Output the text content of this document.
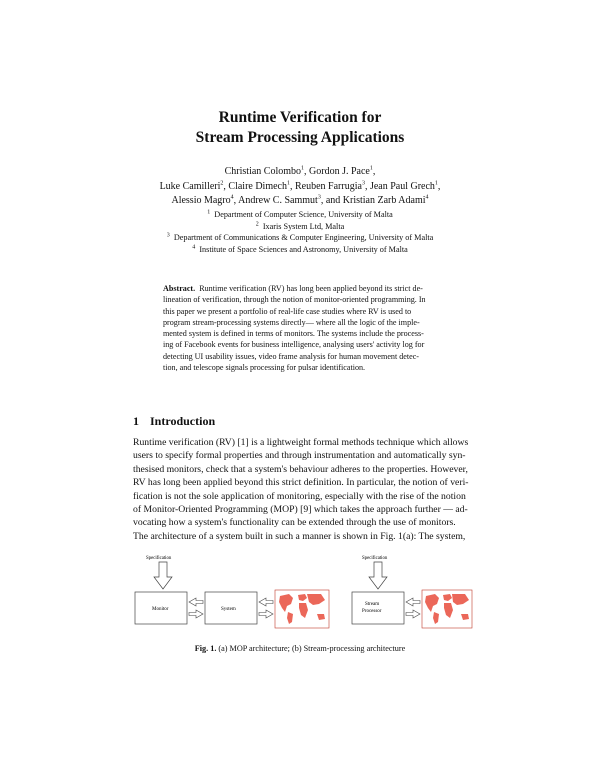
Runtime Verification for
Stream Processing Applications
Christian Colombo$^1$, Gordon J. Pace$^1$,
Luke Camilleri$^2$, Claire Dimech$^1$, Reuben Farrugia$^3$, Jean Paul Grech$^1$,
Alessio Magro$^4$, Andrew C. Sammut$^3$, and Kristian Zarb Adami$^4$
$^1$ Department of Computer Science, University of Malta
$^2$ Ixaris System Ltd, Malta
$^3$ Department of Communications & Computer Engineering, University of Malta
$^4$ Institute of Space Sciences and Astronomy, University of Malta
Abstract. Runtime verification (RV) has long been applied beyond its strict de-
lineation of verification, through the notion of monitor-oriented programming. In
this paper we present a portfolio of real-life case studies where RV is used to
program stream-processing systems directly— where all the logic of the imple-
mented system is defined in terms of monitors. The systems include the process-
ing of Facebook events for business intelligence, analysing users' activity log for
detecting UI usability issues, video frame analysis for human movement detec-
tion, and telescope signals processing for pulsar identification.
1 Introduction
Runtime verification (RV) [1] is a lightweight formal methods technique which allows
users to specify formal properties and through instrumentation and automatically syn-
thesised monitors, check that a system's behaviour adheres to the properties. However,
RV has long been applied beyond this strict definition. In particular, the notion of veri-
fication is not the sole application of monitoring, especially with the rise of the notion
of Monitor-Oriented Programming (MOP) [9] which takes the approach further — ad-
vocating how a system's functionality can be extended through the use of monitors.
The architecture of a system built in such a manner is shown in Fig. 1(a): The system,
Specification
Monitor	System
Specification
Stream
Processor
Fig. 1. (a) MOP architecture; (b) Stream-processing architecture
